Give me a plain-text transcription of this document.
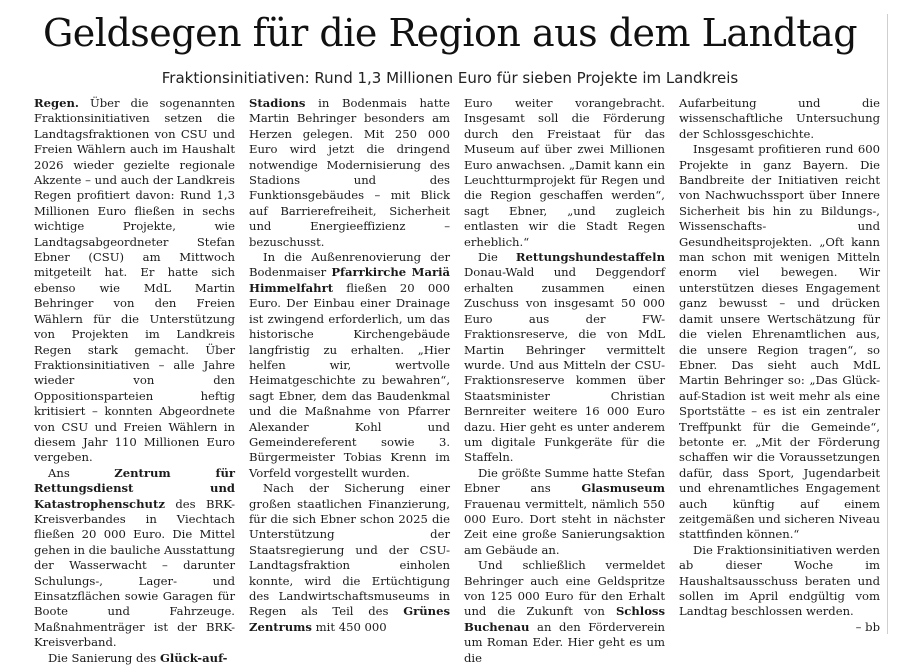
Geldsegen für die Region aus dem Landtag
Fraktionsinitiativen: Rund 1,3 Millionen Euro für sieben Projekte im Landkreis

Regen. Über die sogenannten Fraktionsinitiativen setzen die Landtagsfraktionen von CSU und Freien Wählern auch im Haushalt 2026 wieder gezielte regionale Akzente – und auch der Landkreis Regen profitiert davon: Rund 1,3 Millionen Euro fließen in sechs wichtige Projekte, wie Landtagsabgeordneter Stefan Ebner (CSU) am Mittwoch mitgeteilt hat. Er hatte sich ebenso wie MdL Martin Behringer von den Freien Wählern für die Unterstützung von Projekten im Landkreis Regen stark gemacht. Über Fraktionsinitiativen – alle Jahre wieder von den Oppositionsparteien heftig kritisiert – konnten Abgeordnete von CSU und Freien Wählern in diesem Jahr 110 Millionen Euro vergeben.

Ans	Zentrum für Rettungsdienst und Katastrophenschutz des BRK-Kreisverbandes in Viechtach fließen 20 000 Euro. Die Mittel gehen in die bauliche Ausstattung der Wasserwacht – darunter Schulungs-, Lager- und Einsatzflächen sowie Garagen für Boote und Fahrzeuge. Maßnahmenträger ist der BRK-Kreisverband.

Die Sanierung des Glück-auf-

Stadions in Bodenmais hatte Martin Behringer besonders am Herzen gelegen. Mit 250 000 Euro wird jetzt die dringend notwendige Modernisierung des Stadions und des Funktionsgebäudes – mit Blick auf Barrierefreiheit, Sicherheit und Energieeffizienz – bezuschusst.

In die Außenrenovierung der Bodenmaiser Pfarrkirche Mariä Himmelfahrt fließen 20 000 Euro. Der Einbau einer Drainage ist zwingend erforderlich, um das historische Kirchengebäude langfristig zu erhalten. „Hier helfen wir, wertvolle Heimatgeschichte zu bewahren“, sagt Ebner, dem das Baudenkmal und die Maßnahme von Pfarrer Alexander Kohl und Gemeindereferent sowie 3. Bürgermeister Tobias Krenn im Vorfeld vorgestellt wurden.

Nach der Sicherung einer großen staatlichen Finanzierung, für die sich Ebner schon 2025 die Unterstützung der Staatsregierung und der CSU-Landtagsfraktion einholen konnte, wird die Ertüchtigung des Landwirtschaftsmuseums in Regen als Teil des Grünes Zentrums mit 450 000

Euro weiter vorangebracht. Insgesamt soll die Förderung durch den Freistaat für das Museum auf über zwei Millionen Euro anwachsen. „Damit kann ein Leuchtturmprojekt für Regen und die Region geschaffen werden“, sagt Ebner, „und zugleich entlasten wir die Stadt Regen erheblich.“

Die Rettungshundestaffeln Donau-Wald und Deggendorf erhalten zusammen einen Zuschuss von insgesamt 50 000 Euro aus der FW-Fraktionsreserve, die von MdL Martin Behringer vermittelt wurde. Und aus Mitteln der CSU-Fraktionsreserve kommen über Staatsminister Christian Bernreiter weitere 16 000 Euro dazu. Hier geht es unter anderem um digitale Funkgeräte für die Staffeln.

Die größte Summe hatte Stefan Ebner ans	Glasmuseum Frauenau vermittelt, nämlich 550 000 Euro. Dort steht in nächster Zeit eine große Sanierungsaktion am Gebäude an.

Und schließlich vermeldet Behringer auch eine Geldspritze von 125 000 Euro für den Erhalt und die Zukunft von Schloss Buchenau an den Förderverein um Roman Eder. Hier geht es um die

Aufarbeitung und die wissenschaftliche Untersuchung der Schlossgeschichte.

Insgesamt profitieren rund 600 Projekte in ganz Bayern. Die Bandbreite der Initiativen reicht von Nachwuchssport über Innere Sicherheit bis hin zu Bildungs-, Wissenschafts- und Gesundheitsprojekten. „Oft kann man schon mit wenigen Mitteln enorm viel bewegen. Wir unterstützen dieses Engagement ganz bewusst – und drücken damit unsere Wertschätzung für die vielen Ehrenamtlichen aus, die unsere Region tragen“, so Ebner. Das sieht auch MdL Martin Behringer so: „Das Glück-auf-Stadion ist weit mehr als eine Sportstätte – es ist ein zentraler Treffpunkt für die Gemeinde“, betonte er. „Mit der Förderung schaffen wir die Voraussetzungen dafür, dass Sport, Jugendarbeit und ehrenamtliches Engagement auch künftig auf einem zeitgemäßen und sicheren Niveau stattfinden können.“

Die Fraktionsinitiativen werden ab dieser Woche im Haushaltsausschuss beraten und sollen im April endgültig vom Landtag beschlossen werden.

– bb
